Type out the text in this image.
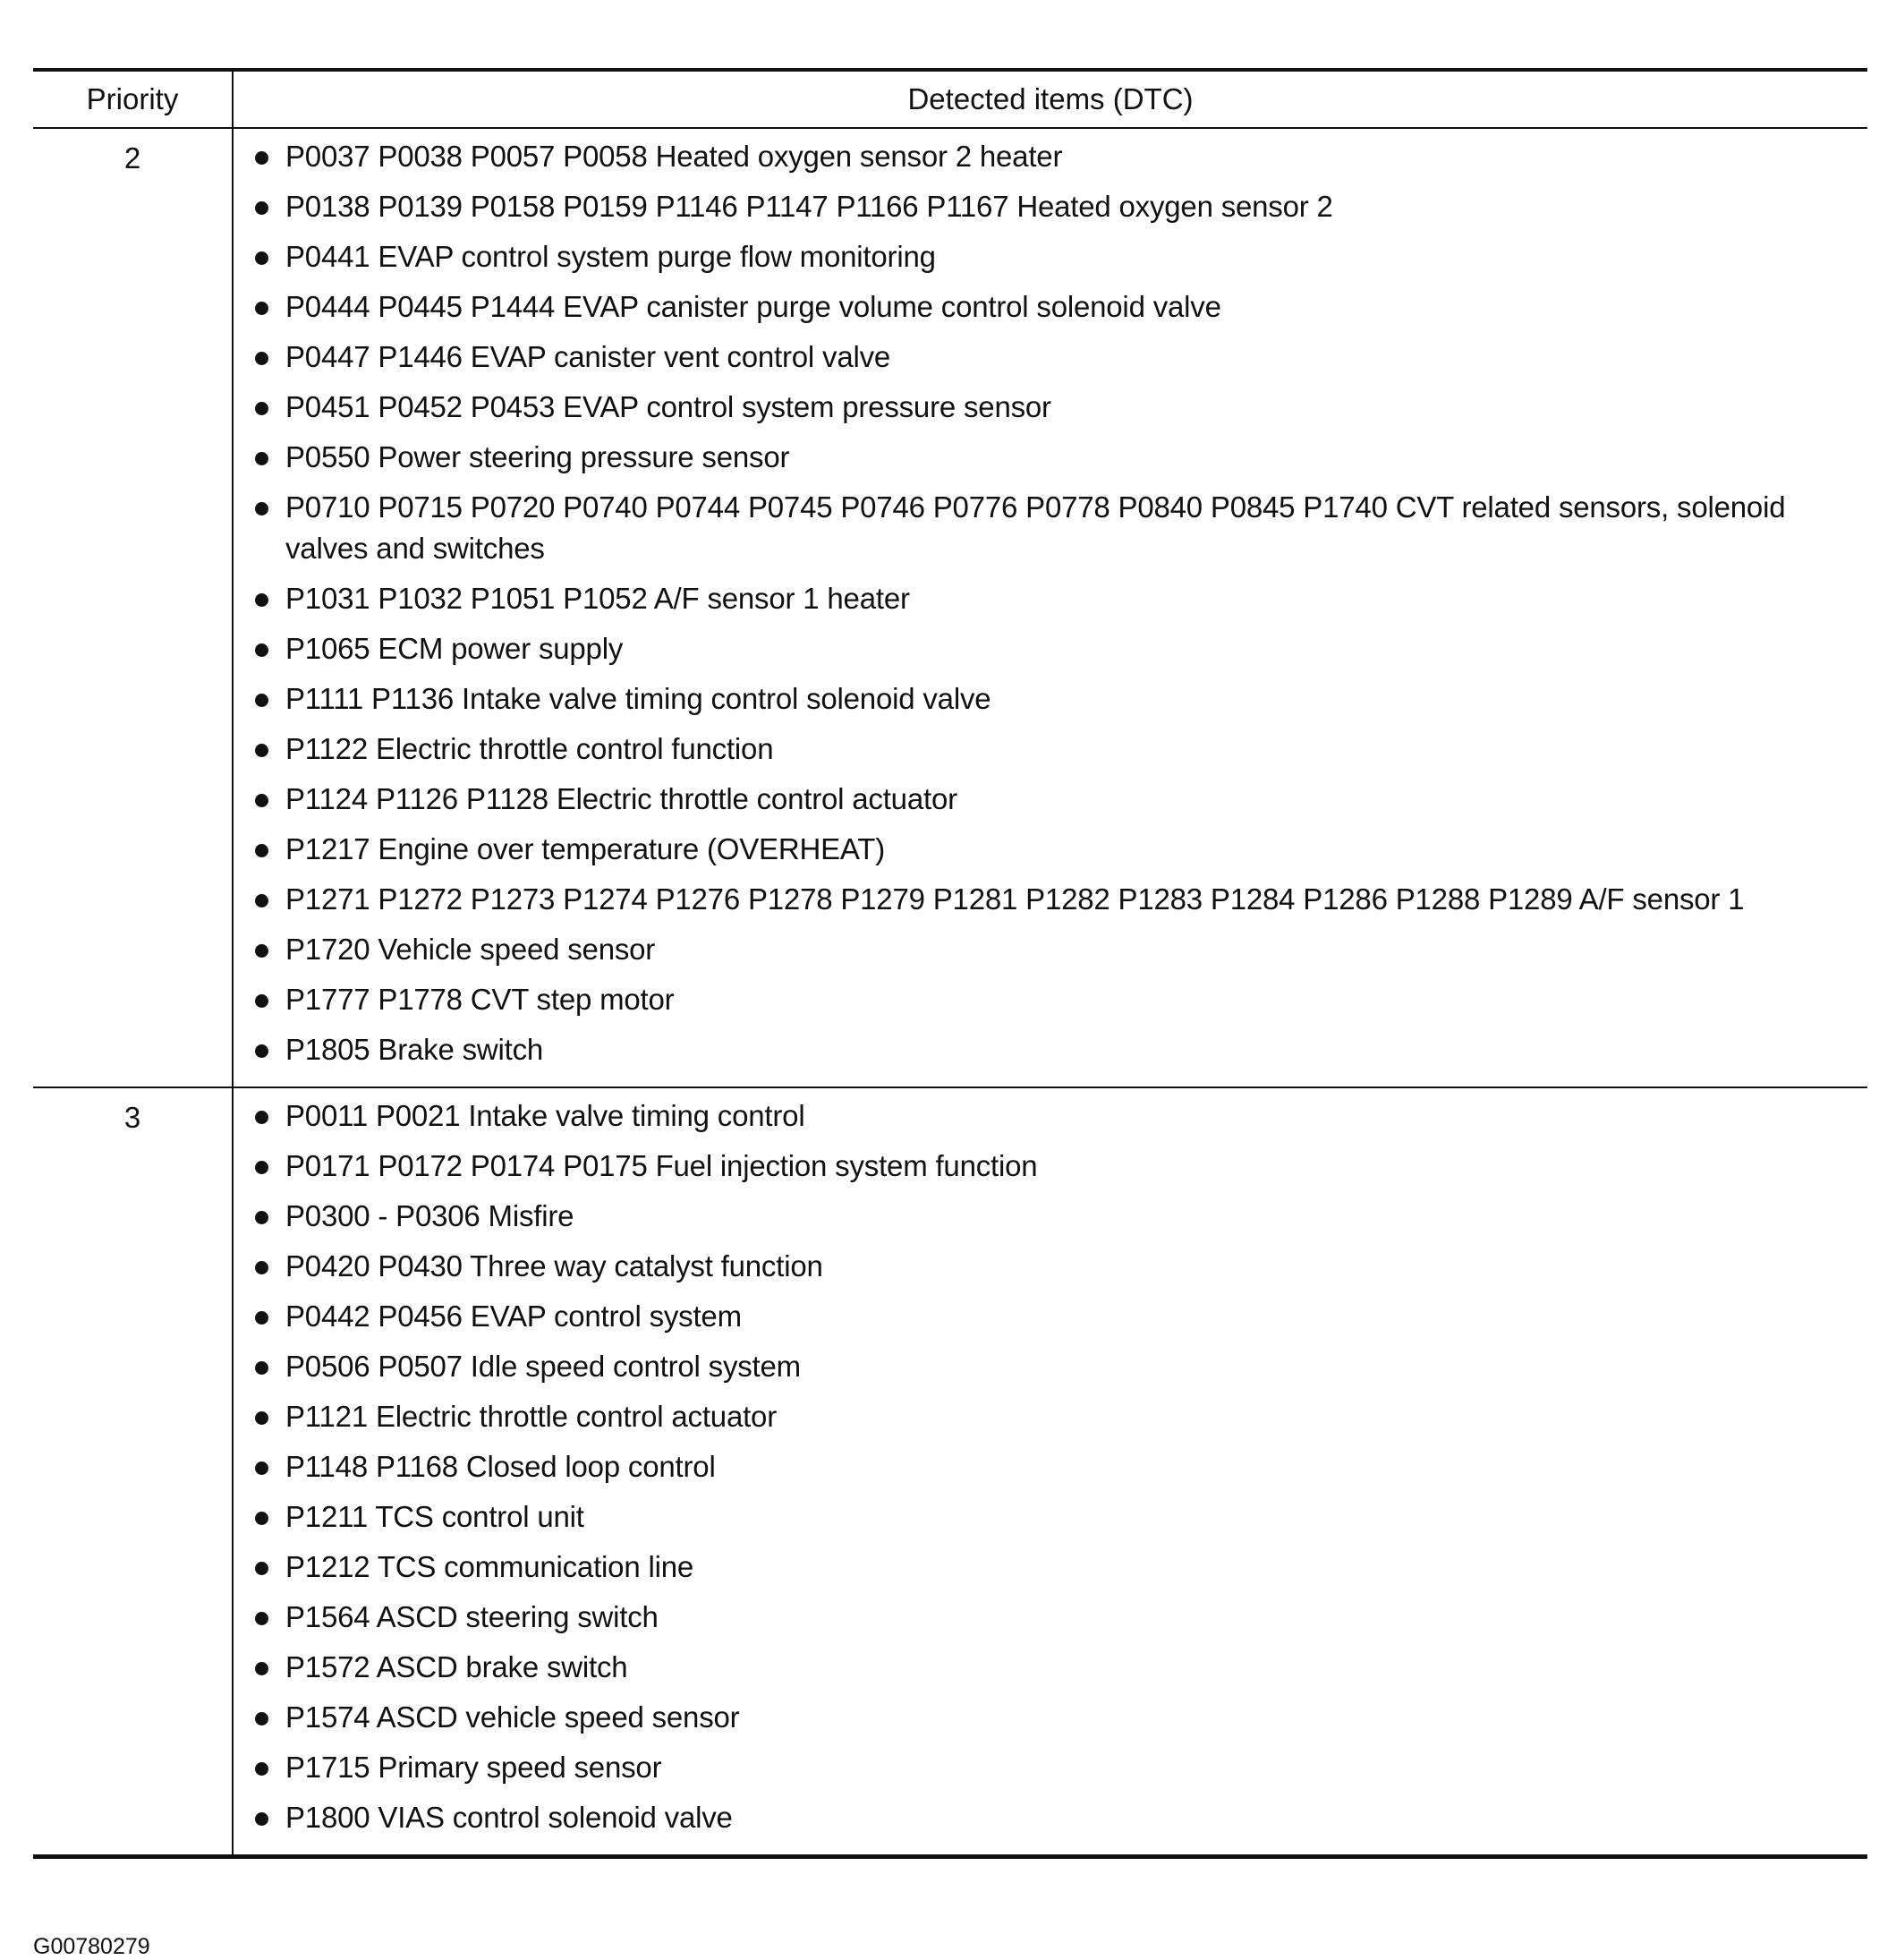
Priority	Detected items (DTC)
2	P0037 P0038 P0057 P0058 Heated oxygen sensor 2 heater
P0138 P0139 P0158 P0159 P1146 P1147 P1166 P1167 Heated oxygen sensor 2
P0441 EVAP control system purge flow monitoring
P0444 P0445 P1444 EVAP canister purge volume control solenoid valve
P0447 P1446 EVAP canister vent control valve
P0451 P0452 P0453 EVAP control system pressure sensor
P0550 Power steering pressure sensor
P0710 P0715 P0720 P0740 P0744 P0745 P0746 P0776 P0778 P0840 P0845 P1740 CVT related sensors, solenoid valves and switches
P1031 P1032 P1051 P1052 A/F sensor 1 heater
P1065 ECM power supply
P1111 P1136 Intake valve timing control solenoid valve
P1122 Electric throttle control function
P1124 P1126 P1128 Electric throttle control actuator
P1217 Engine over temperature (OVERHEAT)
P1271 P1272 P1273 P1274 P1276 P1278 P1279 P1281 P1282 P1283 P1284 P1286 P1288 P1289 A/F sensor 1
P1720 Vehicle speed sensor
P1777 P1778 CVT step motor
P1805 Brake switch
3	P0011 P0021 Intake valve timing control
P0171 P0172 P0174 P0175 Fuel injection system function
P0300 - P0306 Misfire
P0420 P0430 Three way catalyst function
P0442 P0456 EVAP control system
P0506 P0507 Idle speed control system
P1121 Electric throttle control actuator
P1148 P1168 Closed loop control
P1211 TCS control unit
P1212 TCS communication line
P1564 ASCD steering switch
P1572 ASCD brake switch
P1574 ASCD vehicle speed sensor
P1715 Primary speed sensor
P1800 VIAS control solenoid valve
G00780279
